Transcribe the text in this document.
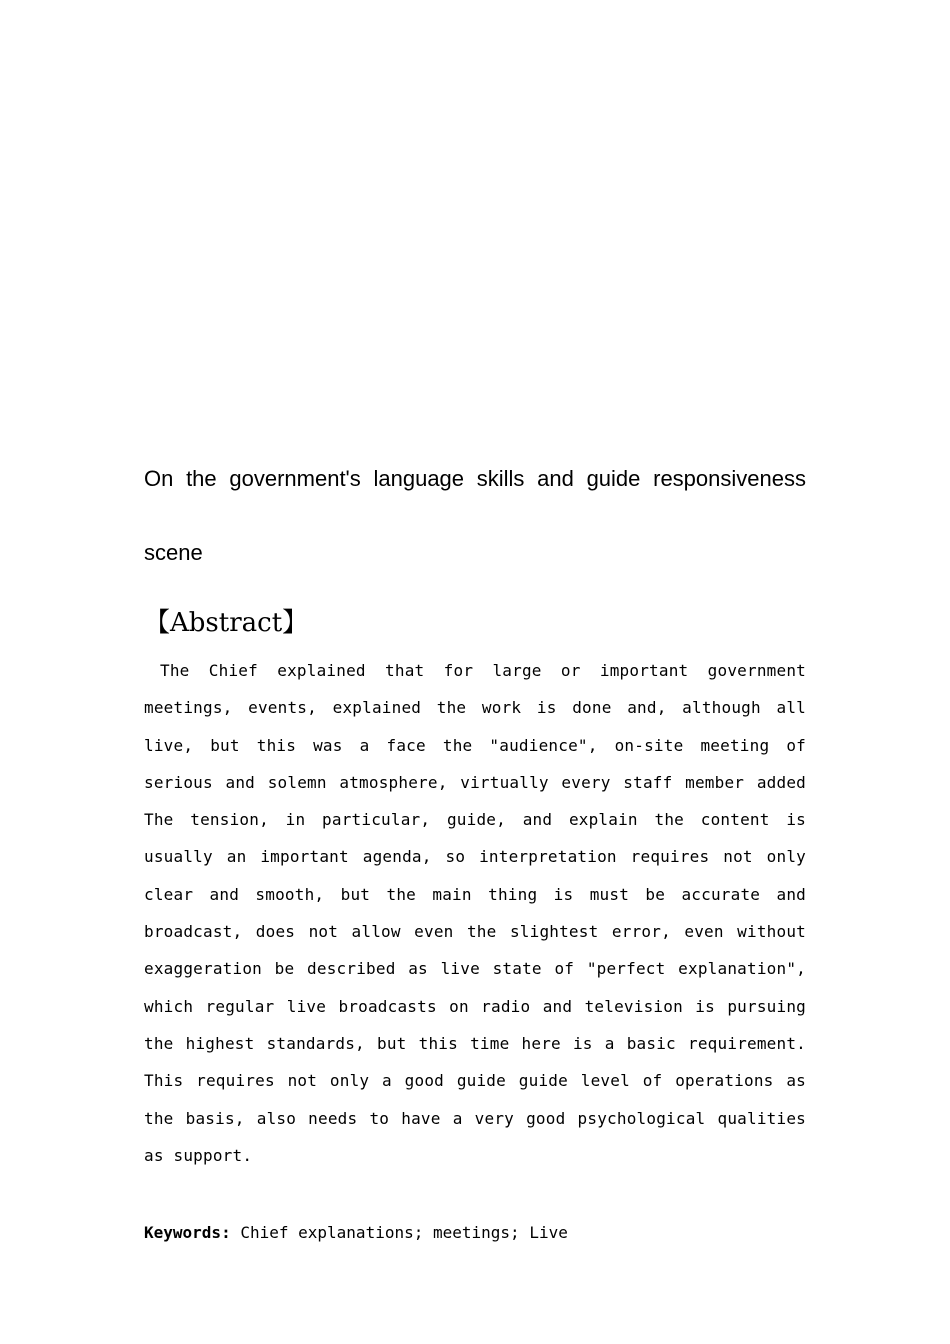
On the government's language skills and guide responsiveness
scene
【Abstract】

The Chief explained that for large or important government meetings, events, explained the work is done and, although all live, but this was a face the "audience", on-site meeting of serious and solemn atmosphere, virtually every staff member added The tension, in particular, guide, and explain the content is usually an important agenda, so interpretation requires not only clear and smooth, but the main thing is must be accurate and broadcast, does not allow even the slightest error, even without exaggeration be described as live state of "perfect explanation", which regular live broadcasts on radio and television is pursuing the highest standards, but this time here is a basic requirement. This requires not only a good guide guide level of operations as the basis, also needs to have a very good psychological qualities as support.

Keywords: Chief explanations; meetings; Live
